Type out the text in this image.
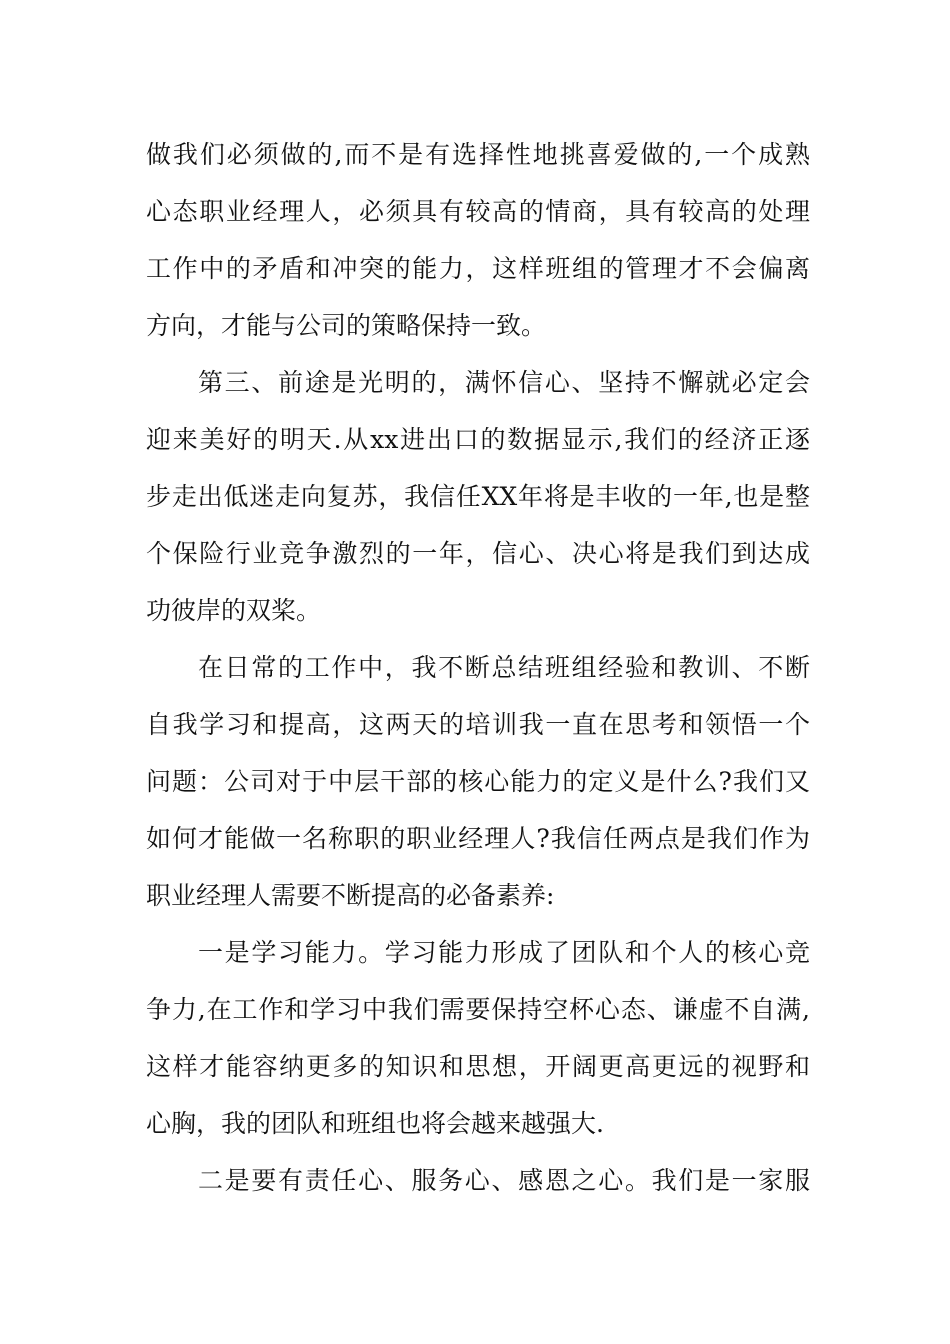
做我们必须做的,而不是有选择性地挑喜爱做的,一个成熟
心态职业经理人，必须具有较高的情商，具有较高的处理
工作中的矛盾和冲突的能力，这样班组的管理才不会偏离
方向，才能与公司的策略保持一致。
第三、前途是光明的，满怀信心、坚持不懈就必定会
迎来美好的明天.从xx进出口的数据显示,我们的经济正逐
步走出低迷走向复苏，我信任XX年将是丰收的一年,也是整
个保险行业竞争激烈的一年，信心、决心将是我们到达成
功彼岸的双桨。
在日常的工作中，我不断总结班组经验和教训、不断
自我学习和提高，这两天的培训我一直在思考和领悟一个
问题：公司对于中层干部的核心能力的定义是什么?我们又
如何才能做一名称职的职业经理人?我信任两点是我们作为
职业经理人需要不断提高的必备素养:
一是学习能力。学习能力形成了团队和个人的核心竞
争力,在工作和学习中我们需要保持空杯心态、谦虚不自满,
这样才能容纳更多的知识和思想，开阔更高更远的视野和
心胸，我的团队和班组也将会越来越强大.
二是要有责任心、服务心、感恩之心。我们是一家服
